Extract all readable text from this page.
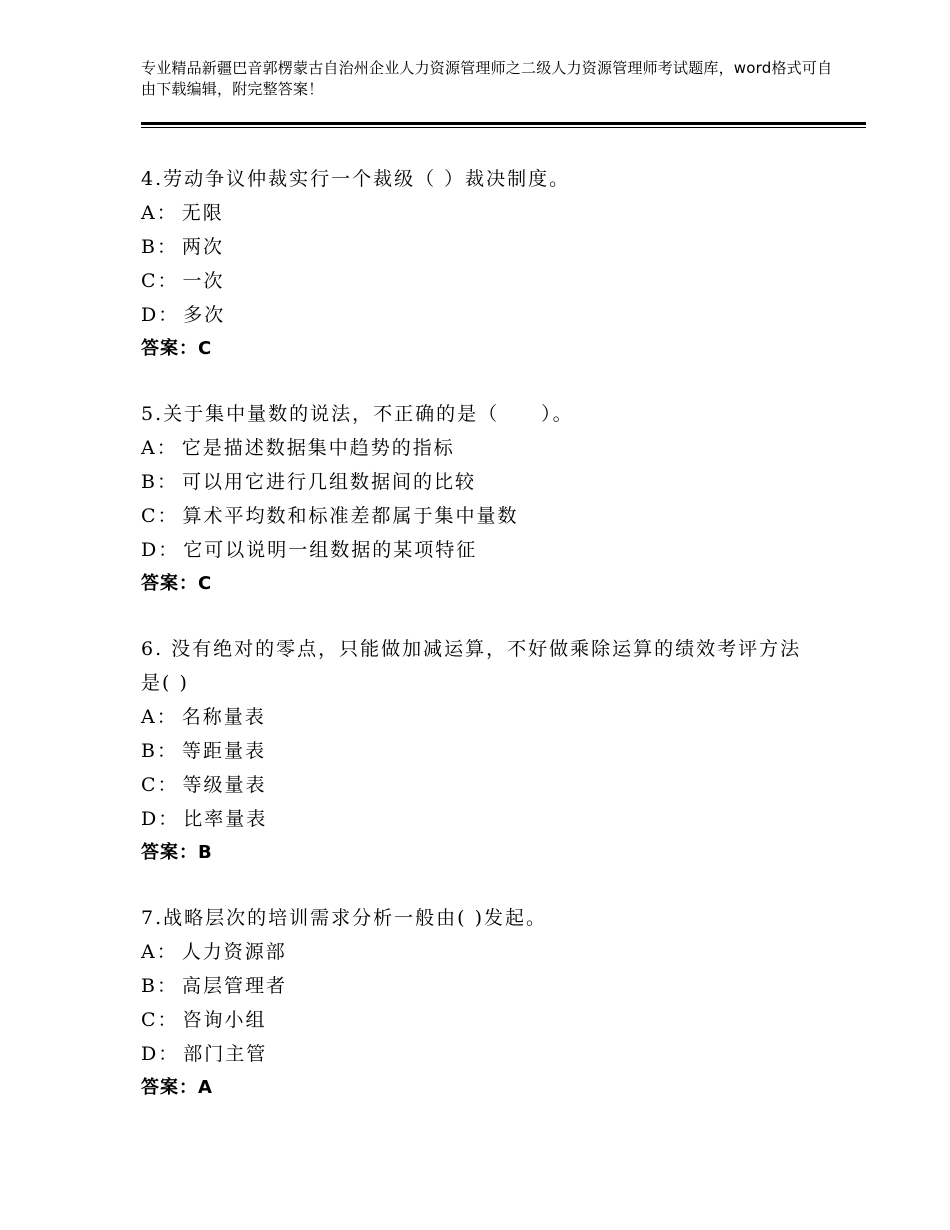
专业精品新疆巴音郭楞蒙古自治州企业人力资源管理师之二级人力资源管理师考试题库，word格式可自由下载编辑，附完整答案！
4.劳动争议仲裁实行一个裁级（ ）裁决制度。
A： 无限
B： 两次
C： 一次
D： 多次
答案：C
5.关于集中量数的说法，不正确的是（　　）。
A： 它是描述数据集中趋势的指标
B： 可以用它进行几组数据间的比较
C： 算术平均数和标准差都属于集中量数
D： 它可以说明一组数据的某项特征
答案：C
6. 没有绝对的零点，只能做加减运算，不好做乘除运算的绩效考评方法是( )
A： 名称量表
B： 等距量表
C： 等级量表
D： 比率量表
答案：B
7.战略层次的培训需求分析一般由( )发起。
A： 人力资源部
B： 高层管理者
C： 咨询小组
D： 部门主管
答案：A
